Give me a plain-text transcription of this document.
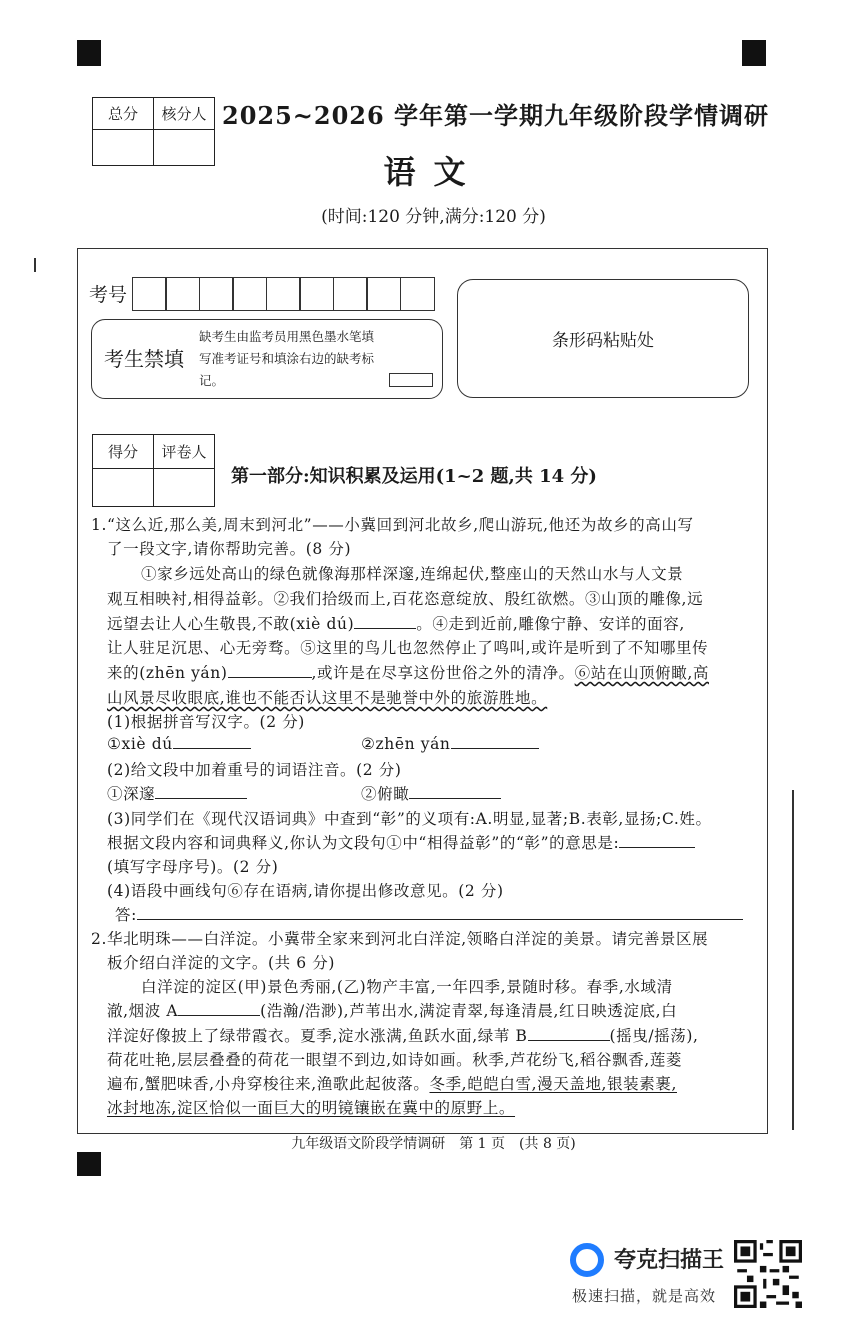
总分	核分人
	2025~2026 学年第一学期九年级阶段学情调研
语文
(时间:120 分钟,满分:120 分)
考号
考生禁填
缺考生由监考员用黑色墨水笔填写准考证号和填涂右边的缺考标记。
条形码粘贴处
得分	评卷人

第一部分:知识积累及运用(1~2 题,共 14 分)
1.“这么近,那么美,周末到河北”——小冀回到河北故乡,爬山游玩,他还为故乡的高山写
了一段文字,请你帮助完善。(8 分)
①家乡远处高山的绿色就像海那样深邃,连绵起伏,整座山的天然山水与人文景
观互相映衬,相得益彰。②我们拾级而上,百花恣意绽放、殷红欲燃。③山顶的雕像,远
远望去让人心生敬畏,不敢(xiè dú)	。④走到近前,雕像宁静、安详的面容,
让人驻足沉思、心无旁骛。⑤这里的鸟儿也忽然停止了鸣叫,或许是听到了不知哪里传
来的(zhēn yán)	,或许是在尽享这份世俗之外的清净。⑥站在山顶俯瞰,高
山风景尽收眼底,谁也不能否认这里不是驰誉中外的旅游胜地。
(1)根据拼音写汉字。(2 分)
①xiè dú	②zhēn yán
(2)给文段中加着重号的词语注音。(2 分)
①深邃	②俯瞰
(3)同学们在《现代汉语词典》中查到“彰”的义项有:A.明显,显著;B.表彰,显扬;C.姓。
根据文段内容和词典释义,你认为文段句①中“相得益彰”的“彰”的意思是:
(填写字母序号)。(2 分)
(4)语段中画线句⑥存在语病,请你提出修改意见。(2 分)
答:
2.华北明珠——白洋淀。小冀带全家来到河北白洋淀,领略白洋淀的美景。请完善景区展
板介绍白洋淀的文字。(共 6 分)
白洋淀的淀区(甲)景色秀丽,(乙)物产丰富,一年四季,景随时移。春季,水域清
澈,烟波 A	(浩瀚/浩渺),芦苇出水,满淀青翠,每逢清晨,红日映透淀底,白
洋淀好像披上了绿带霞衣。夏季,淀水涨满,鱼跃水面,绿苇 B	(摇曳/摇荡),
荷花吐艳,层层叠叠的荷花一眼望不到边,如诗如画。秋季,芦花纷飞,稻谷飘香,莲菱
遍布,蟹肥味香,小舟穿梭往来,渔歌此起彼落。冬季,皑皑白雪,漫天盖地,银装素裹,
冰封地冻,淀区恰似一面巨大的明镜镶嵌在冀中的原野上。
九年级语文阶段学情调研　第 1 页　(共 8 页)
夸克扫描王
极速扫描，就是高效
